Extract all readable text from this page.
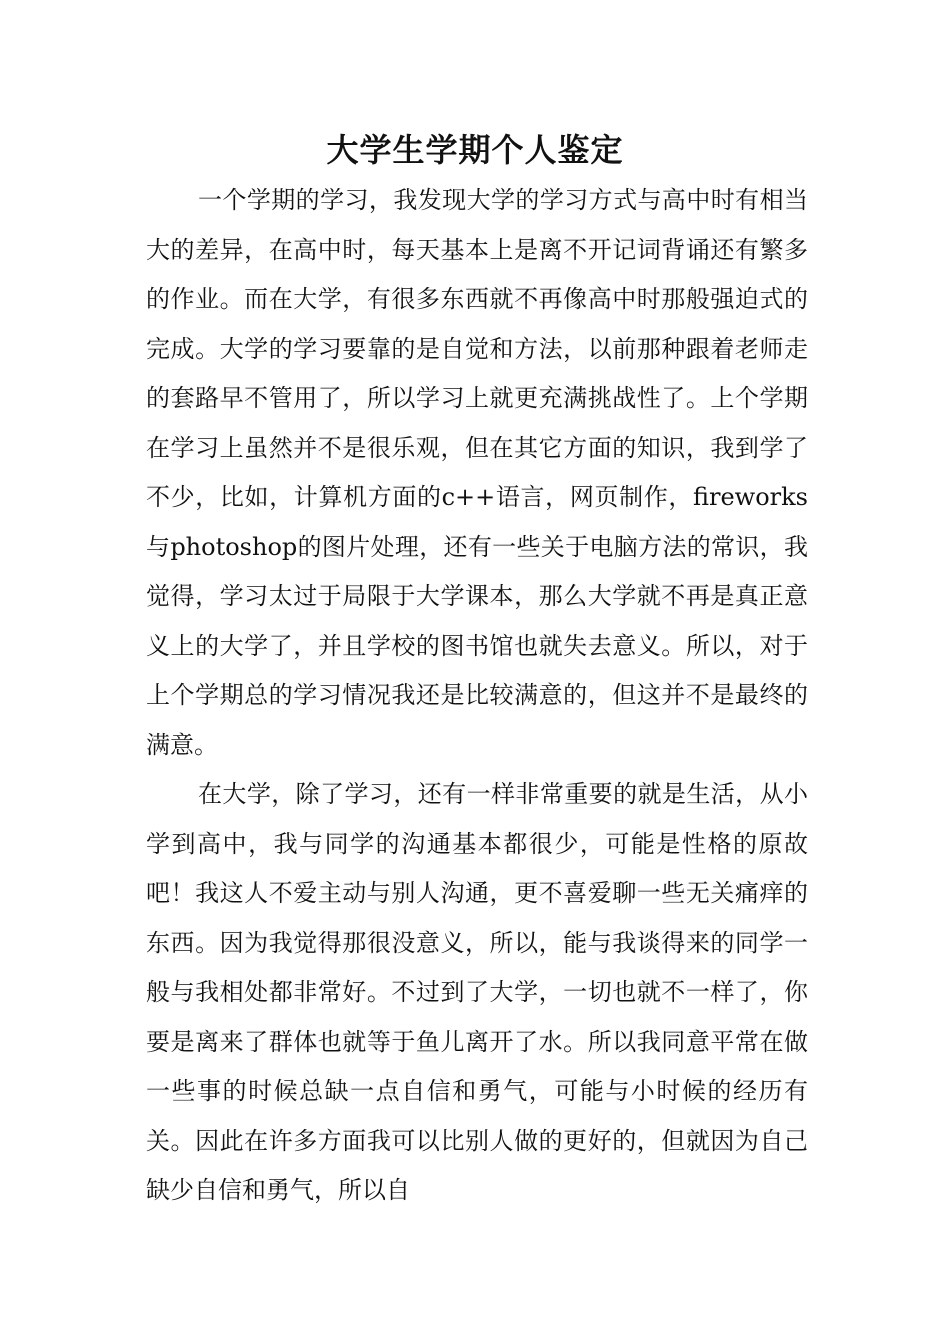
大学生学期个人鉴定

一个学期的学习，我发现大学的学习方式与高中时有相当大的差异，在高中时，每天基本上是离不开记词背诵还有繁多的作业。而在大学，有很多东西就不再像高中时那般强迫式的完成。大学的学习要靠的是自觉和方法，以前那种跟着老师走的套路早不管用了，所以学习上就更充满挑战性了。上个学期在学习上虽然并不是很乐观，但在其它方面的知识，我到学了不少，比如，计算机方面的c++语言，网页制作，fireworks与photoshop的图片处理，还有一些关于电脑方法的常识，我觉得，学习太过于局限于大学课本，那么大学就不再是真正意义上的大学了，并且学校的图书馆也就失去意义。所以，对于上个学期总的学习情况我还是比较满意的，但这并不是最终的满意。

在大学，除了学习，还有一样非常重要的就是生活，从小学到高中，我与同学的沟通基本都很少，可能是性格的原故吧！我这人不爱主动与别人沟通，更不喜爱聊一些无关痛痒的东西。因为我觉得那很没意义，所以，能与我谈得来的同学一般与我相处都非常好。不过到了大学，一切也就不一样了，你要是离来了群体也就等于鱼儿离开了水。所以我同意平常在做一些事的时候总缺一点自信和勇气，可能与小时候的经历有关。因此在许多方面我可以比别人做的更好的，但就因为自己缺少自信和勇气，所以自
